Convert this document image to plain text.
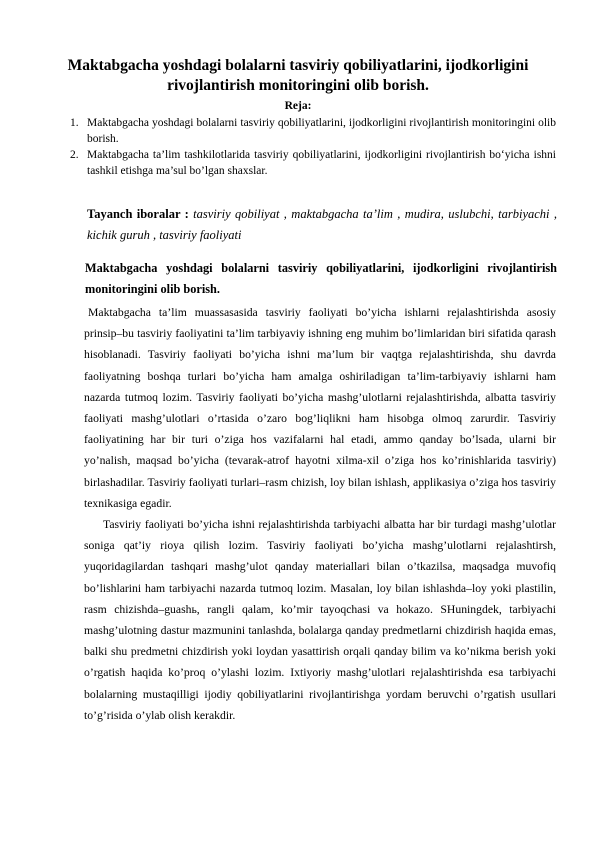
Maktabgacha yoshdagi bolalarni tasviriy qobiliyatlarini, ijodkorligini rivojlantirish monitoringini olib borish.
Reja:
1. Maktabgacha yoshdagi bolalarni tasviriy qobiliyatlarini, ijodkorligini rivojlantirish monitoringini olib borish.
2. Maktabgacha ta’lim tashkilotlarida tasviriy qobiliyatlarini, ijodkorligini rivojlantirish bo‘yicha ishni tashkil etishga ma’sul bo’lgan shaxslar.
Tayanch iboralar : tasviriy qobiliyat , maktabgacha ta’lim , mudira, uslubchi, tarbiyachi , kichik guruh , tasviriy faoliyati
Maktabgacha yoshdagi bolalarni tasviriy qobiliyatlarini, ijodkorligini rivojlantirish monitoringini olib borish.

Maktabgacha ta’lim muassasasida tasviriy faoliyati bo’yicha ishlarni rejalashtirishda asosiy prinsip–bu tasviriy faoliyatini ta’lim tarbiyaviy ishning eng muhim bo’limlaridan biri sifatida qarash hisoblanadi. Tasviriy faoliyati bo’yicha ishni ma’lum bir vaqtga rejalashtirishda, shu davrda faoliyatning boshqa turlari bo’yicha ham amalga oshiriladigan ta’lim-tarbiyaviy ishlarni ham nazarda tutmoq lozim. Tasviriy faoliyati bo’yicha mashg’ulotlarni rejalashtirishda, albatta tasviriy faoliyati mashg’ulotlari o’rtasida o’zaro bog’liqlikni ham hisobga olmoq zarurdir. Tasviriy faoliyatining har bir turi o’ziga hos vazifalarni hal etadi, ammo qanday bo’lsada, ularni bir yo’nalish, maqsad bo’yicha (tevarak-atrof hayotni xilma-xil o’ziga hos ko’rinishlarida tasviriy) birlashadilar. Tasviriy faoliyati turlari–rasm chizish, loy bilan ishlash, applikasiya o’ziga hos tasviriy texnikasiga egadir.

Tasviriy faoliyati bo’yicha ishni rejalashtirishda tarbiyachi albatta har bir turdagi mashg’ulotlar soniga qat’iy rioya qilish lozim. Tasviriy faoliyati bo’yicha mashg’ulotlarni rejalashtirsh, yuqoridagilardan tashqari mashg’ulot qanday materiallari bilan o’tkazilsa, maqsadga muvofiq bo’lishlarini ham tarbiyachi nazarda tutmoq lozim. Masalan, loy bilan ishlashda–loy yoki plastilin, rasm chizishda–guashь, rangli qalam, ko’mir tayoqchasi va hokazo. SHuningdek, tarbiyachi mashg’ulotning dastur mazmunini tanlashda, bolalarga qanday predmetlarni chizdirish haqida emas, balki shu predmetni chizdirish yoki loydan yasattirish orqali qanday bilim va ko’nikma berish yoki o’rgatish haqida ko’proq o’ylashi lozim. Ixtiyoriy mashg’ulotlari rejalashtirishda esa tarbiyachi bolalarning mustaqilligi ijodiy qobiliyatlarini rivojlantirishga yordam beruvchi o’rgatish usullari to’g’risida o’ylab olish kerakdir.
